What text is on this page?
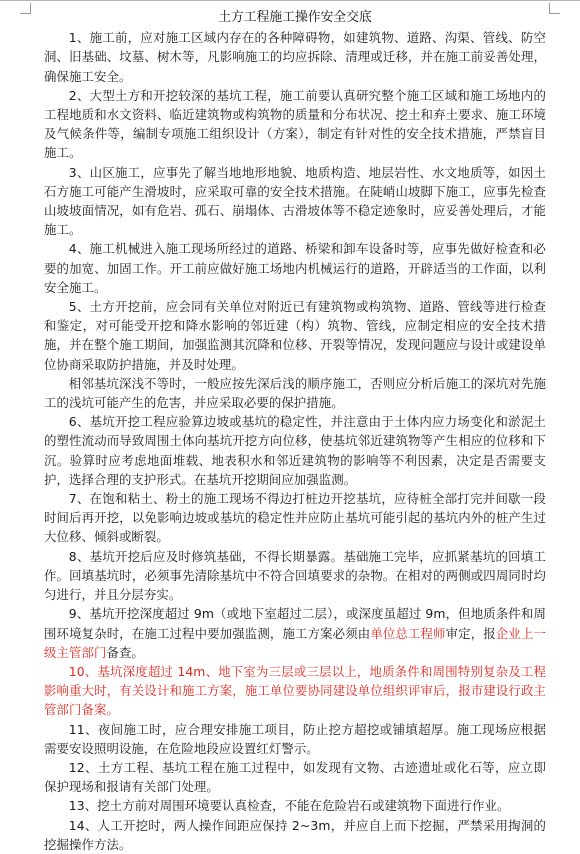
土方工程施工操作安全交底

1、施工前，应对施工区域内存在的各种障碍物，如建筑物、道路、沟渠、管线、防空洞、旧基础、坟墓、树木等，凡影响施工的均应拆除、清理或迁移，并在施工前妥善处理，确保施工安全。

2、大型土方和开挖较深的基坑工程，施工前要认真研究整个施工区域和施工场地内的工程地质和水文资料、临近建筑物或构筑物的质量和分布状况、挖土和弃土要求、施工环境及气候条件等，编制专项施工组织设计（方案），制定有针对性的安全技术措施，严禁盲目施工。

3、山区施工，应事先了解当地地形地貌、地质构造、地层岩性、水文地质等，如因土石方施工可能产生滑坡时，应采取可靠的安全技术措施。在陡峭山坡脚下施工，应事先检查山坡坡面情况，如有危岩、孤石、崩塌体、古滑坡体等不稳定迹象时，应妥善处理后，才能施工。

4、施工机械进入施工现场所经过的道路、桥梁和卸车设备时等，应事先做好检查和必要的加宽、加固工作。开工前应做好施工场地内机械运行的道路，开辟适当的工作面，以利安全施工。

5、土方开挖前，应会同有关单位对附近已有建筑物或构筑物、道路、管线等进行检查和鉴定，对可能受开挖和降水影响的邻近建（构）筑物、管线，应制定相应的安全技术措施，并在整个施工期间，加强监测其沉降和位移、开裂等情况，发现问题应与设计或建设单位协商采取防护措施，并及时处理。

相邻基坑深浅不等时，一般应按先深后浅的顺序施工，否则应分析后施工的深坑对先施工的浅坑可能产生的危害，并应采取必要的保护措施。

6、基坑开挖工程应验算边坡或基坑的稳定性，并注意由于土体内应力场变化和淤泥土的塑性流动而导致周围土体向基坑开挖方向位移，使基坑邻近建筑物等产生相应的位移和下沉。验算时应考虑地面堆载、地表积水和邻近建筑物的影响等不利因素，决定是否需要支护，选择合理的支护形式。在基坑开挖期间应加强监测。

7、在饱和粘土、粉土的施工现场不得边打桩边开挖基坑，应待桩全部打完并间歇一段时间后再开挖，以免影响边坡或基坑的稳定性并应防止基坑可能引起的基坑内外的桩产生过大位移、倾斜或断裂。

8、基坑开挖后应及时修筑基础，不得长期暴露。基础施工完毕，应抓紧基坑的回填工作。回填基坑时，必须事先清除基坑中不符合回填要求的杂物。在相对的两侧或四周同时均匀进行，并且分层夯实。

9、基坑开挖深度超过 9m（或地下室超过二层），或深度虽超过 9m，但地质条件和周围环境复杂时，在施工过程中要加强监测，施工方案必须由单位总工程师审定，报企业上一级主管部门备查。

10、基坑深度超过 14m、地下室为三层或三层以上，地质条件和周围特别复杂及工程影响重大时，有关设计和施工方案，施工单位要协同建设单位组织评审后，报市建设行政主管部门备案。

11、夜间施工时，应合理安排施工项目，防止挖方超挖或铺填超厚。施工现场应根据需要安设照明设施，在危险地段应设置红灯警示。

12、土方工程、基坑工程在施工过程中，如发现有文物、古迹遗址或化石等，应立即保护现场和报请有关部门处理。

13、挖土方前对周围环境要认真检查，不能在危险岩石或建筑物下面进行作业。

14、人工开挖时，两人操作间距应保持 2~3m，并应自上而下挖掘，严禁采用掏洞的挖掘操作方法。
